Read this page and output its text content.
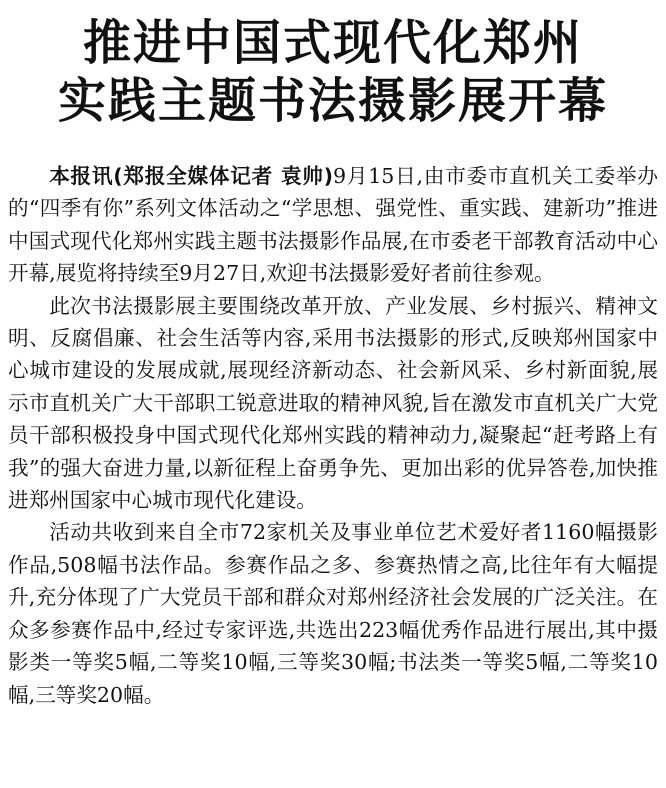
推进中国式现代化郑州
实践主题书法摄影展开幕

本报讯(郑报全媒体记者 袁帅)9月15日,由市委市直机关工委举办的“四季有你”系列文体活动之“学思想、强党性、重实践、建新功”推进中国式现代化郑州实践主题书法摄影作品展,在市委老干部教育活动中心开幕,展览将持续至9月27日,欢迎书法摄影爱好者前往参观。

此次书法摄影展主要围绕改革开放、产业发展、乡村振兴、精神文明、反腐倡廉、社会生活等内容,采用书法摄影的形式,反映郑州国家中心城市建设的发展成就,展现经济新动态、社会新风采、乡村新面貌,展示市直机关广大干部职工锐意进取的精神风貌,旨在激发市直机关广大党员干部积极投身中国式现代化郑州实践的精神动力,凝聚起“赶考路上有我”的强大奋进力量,以新征程上奋勇争先、更加出彩的优异答卷,加快推进郑州国家中心城市现代化建设。

活动共收到来自全市72家机关及事业单位艺术爱好者1160幅摄影作品,508幅书法作品。参赛作品之多、参赛热情之高,比往年有大幅提升,充分体现了广大党员干部和群众对郑州经济社会发展的广泛关注。在众多参赛作品中,经过专家评选,共选出223幅优秀作品进行展出,其中摄影类一等奖5幅,二等奖10幅,三等奖30幅;书法类一等奖5幅,二等奖10幅,三等奖20幅。
